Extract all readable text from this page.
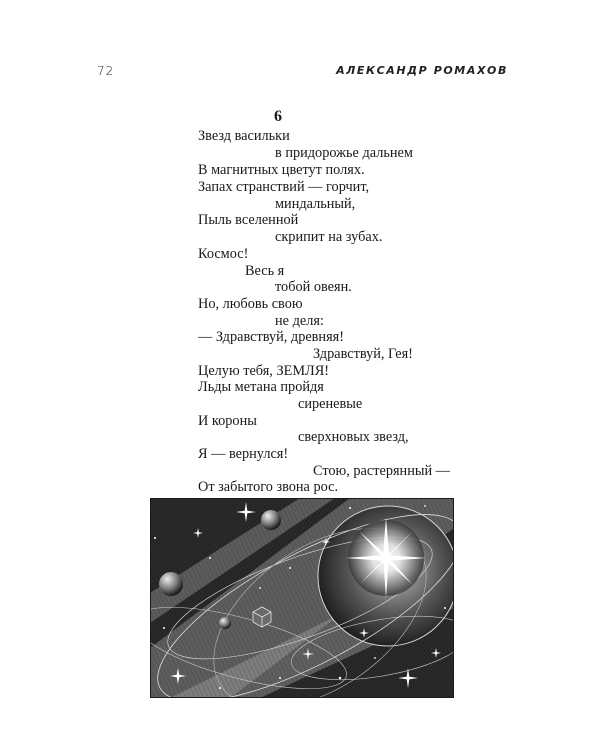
72	АЛЕКСАНДР РОМАХОВ
6
Звезд васильки
в придорожье дальнем
В магнитных цветут полях.
Запах странствий — горчит,
миндальный,
Пыль вселенной
скрипит на зубах.
Космос!
Весь я
тобой овеян.
Но, любовь свою
не деля:
— Здравствуй, древняя!
Здравствуй, Гея!
Целую тебя, ЗЕМЛЯ!
Льды метана пройдя
сиреневые
И короны
сверхновых звезд,
Я — вернулся!
Стою, растерянный —
От забытого звона рос.
